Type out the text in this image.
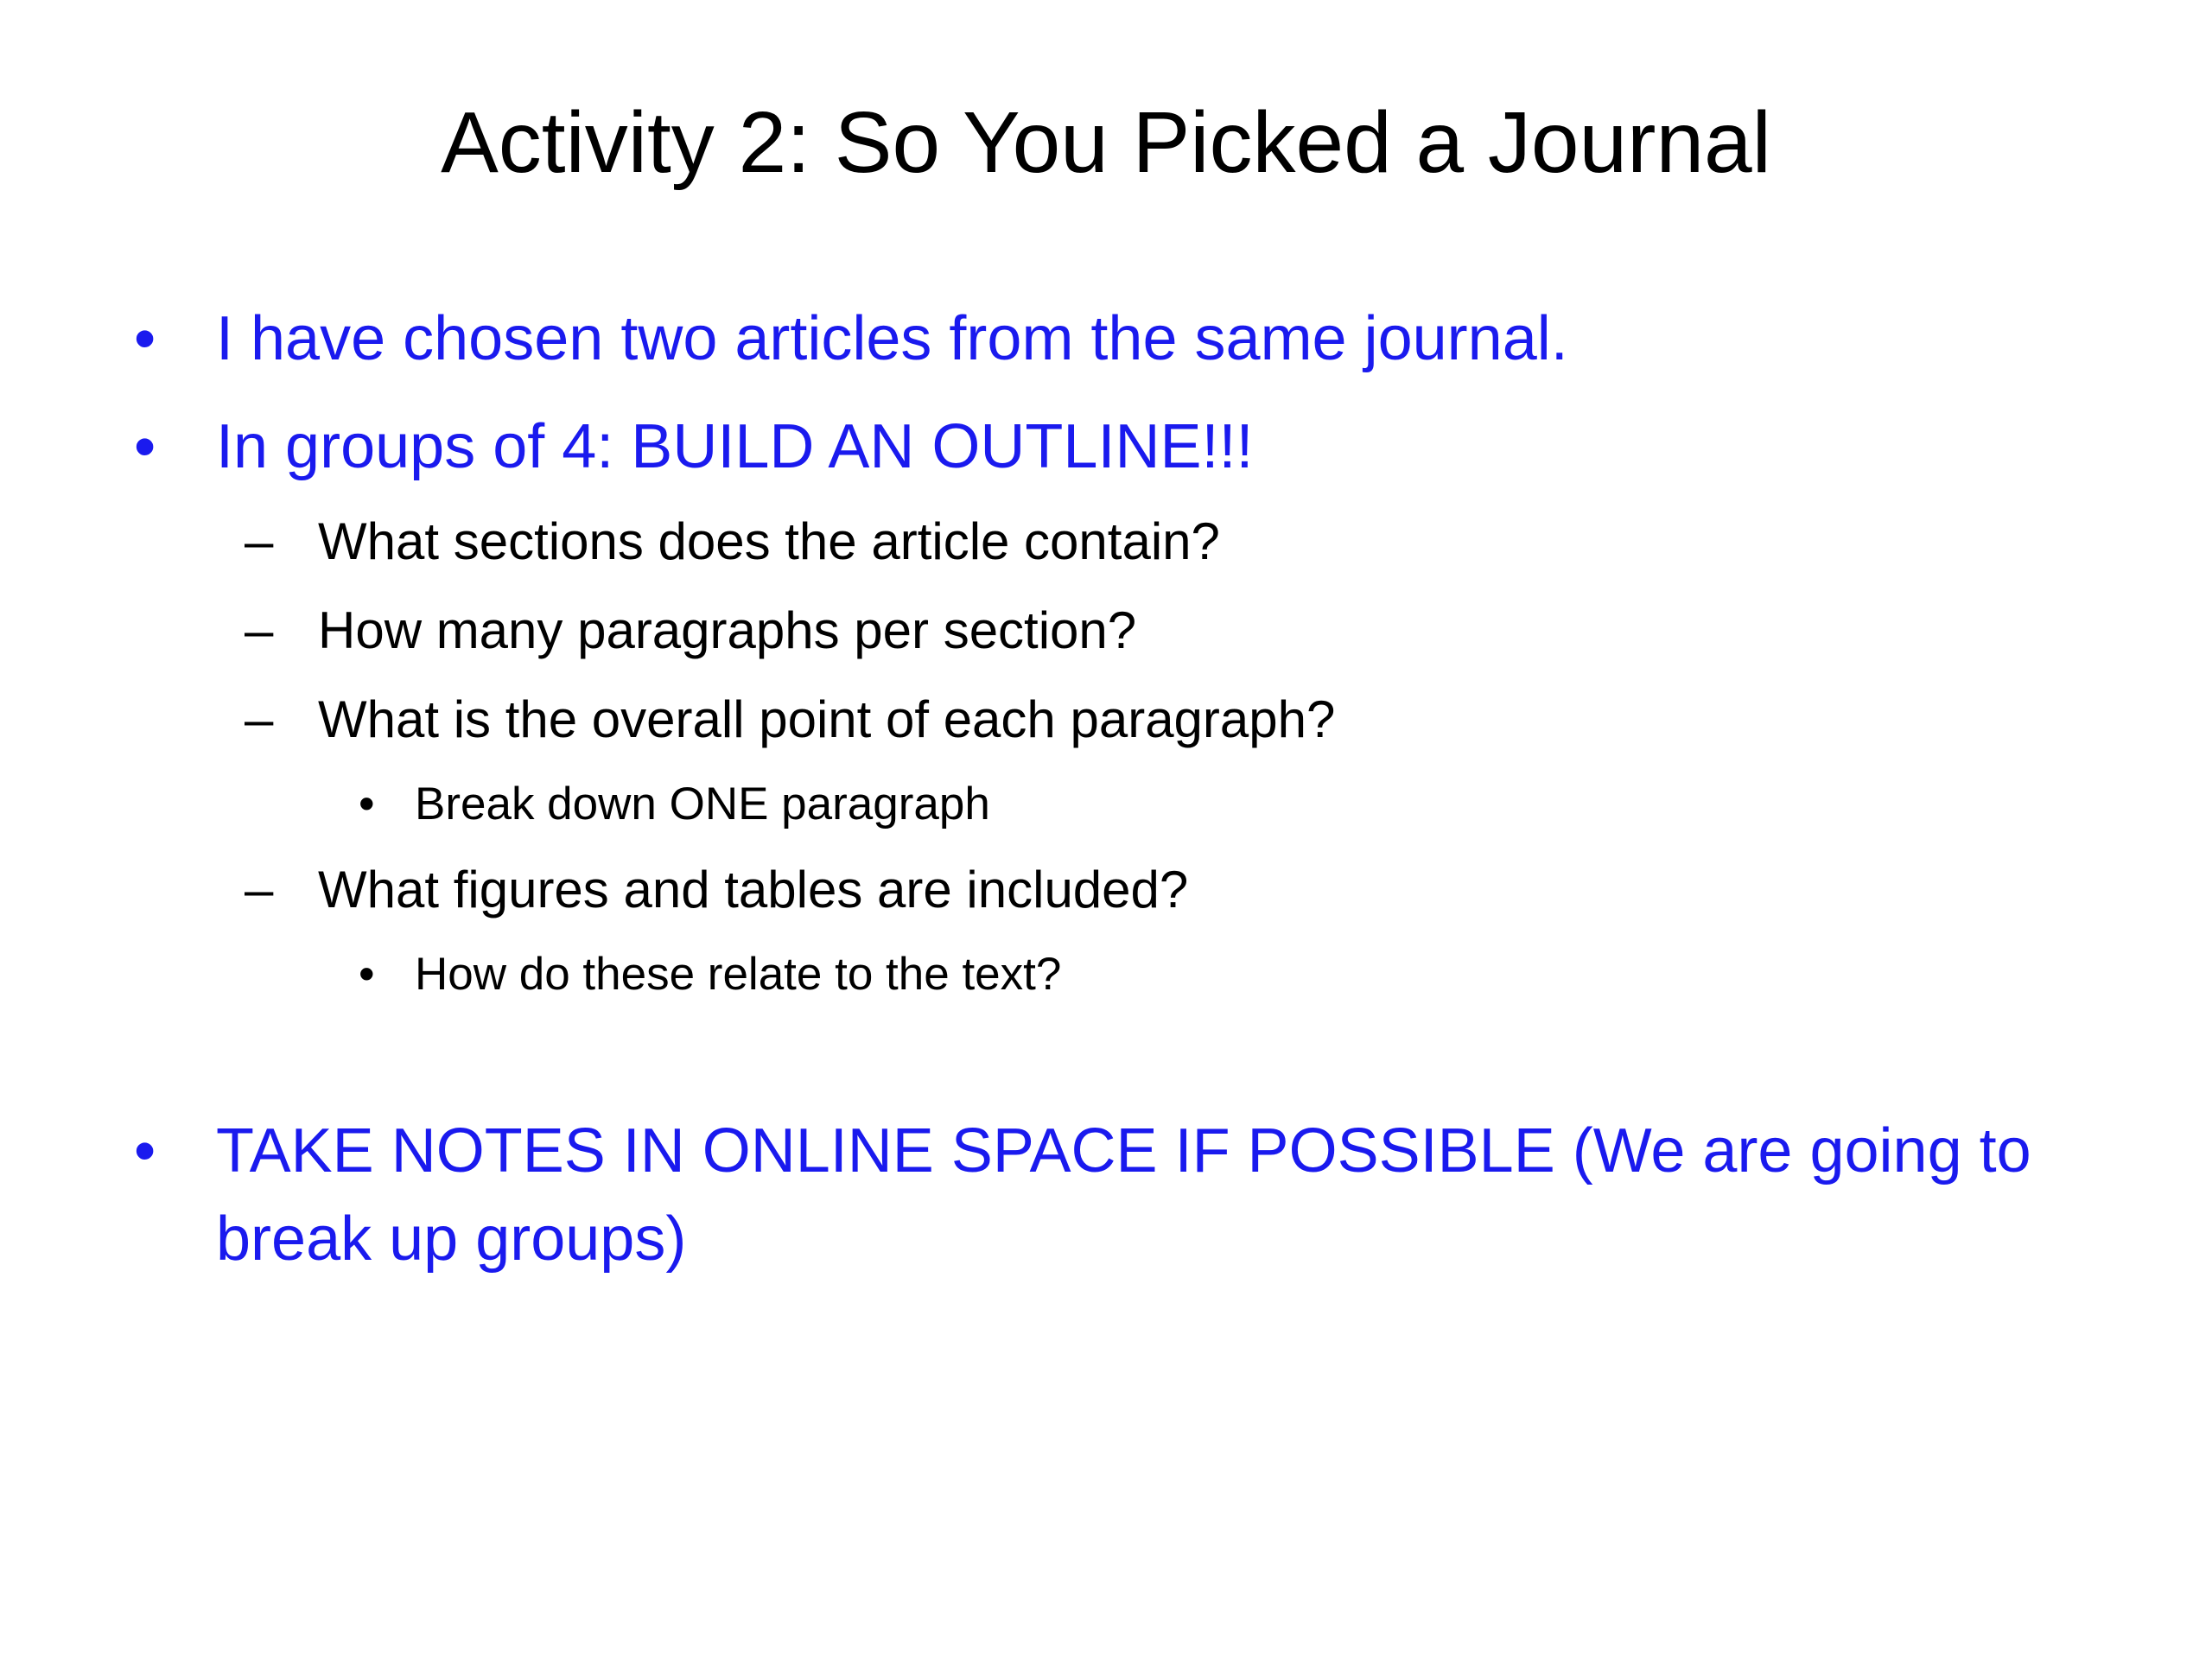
Activity 2: So You Picked a Journal
• I have chosen two articles from the same journal.
• In groups of 4: BUILD AN OUTLINE!!!
– What sections does the article contain?
– How many paragraphs per section?
– What is the overall point of each paragraph?
• Break down ONE paragraph
– What figures and tables are included?
• How do these relate to the text?
• TAKE NOTES IN ONLINE SPACE IF POSSIBLE (We are going to
break up groups)
